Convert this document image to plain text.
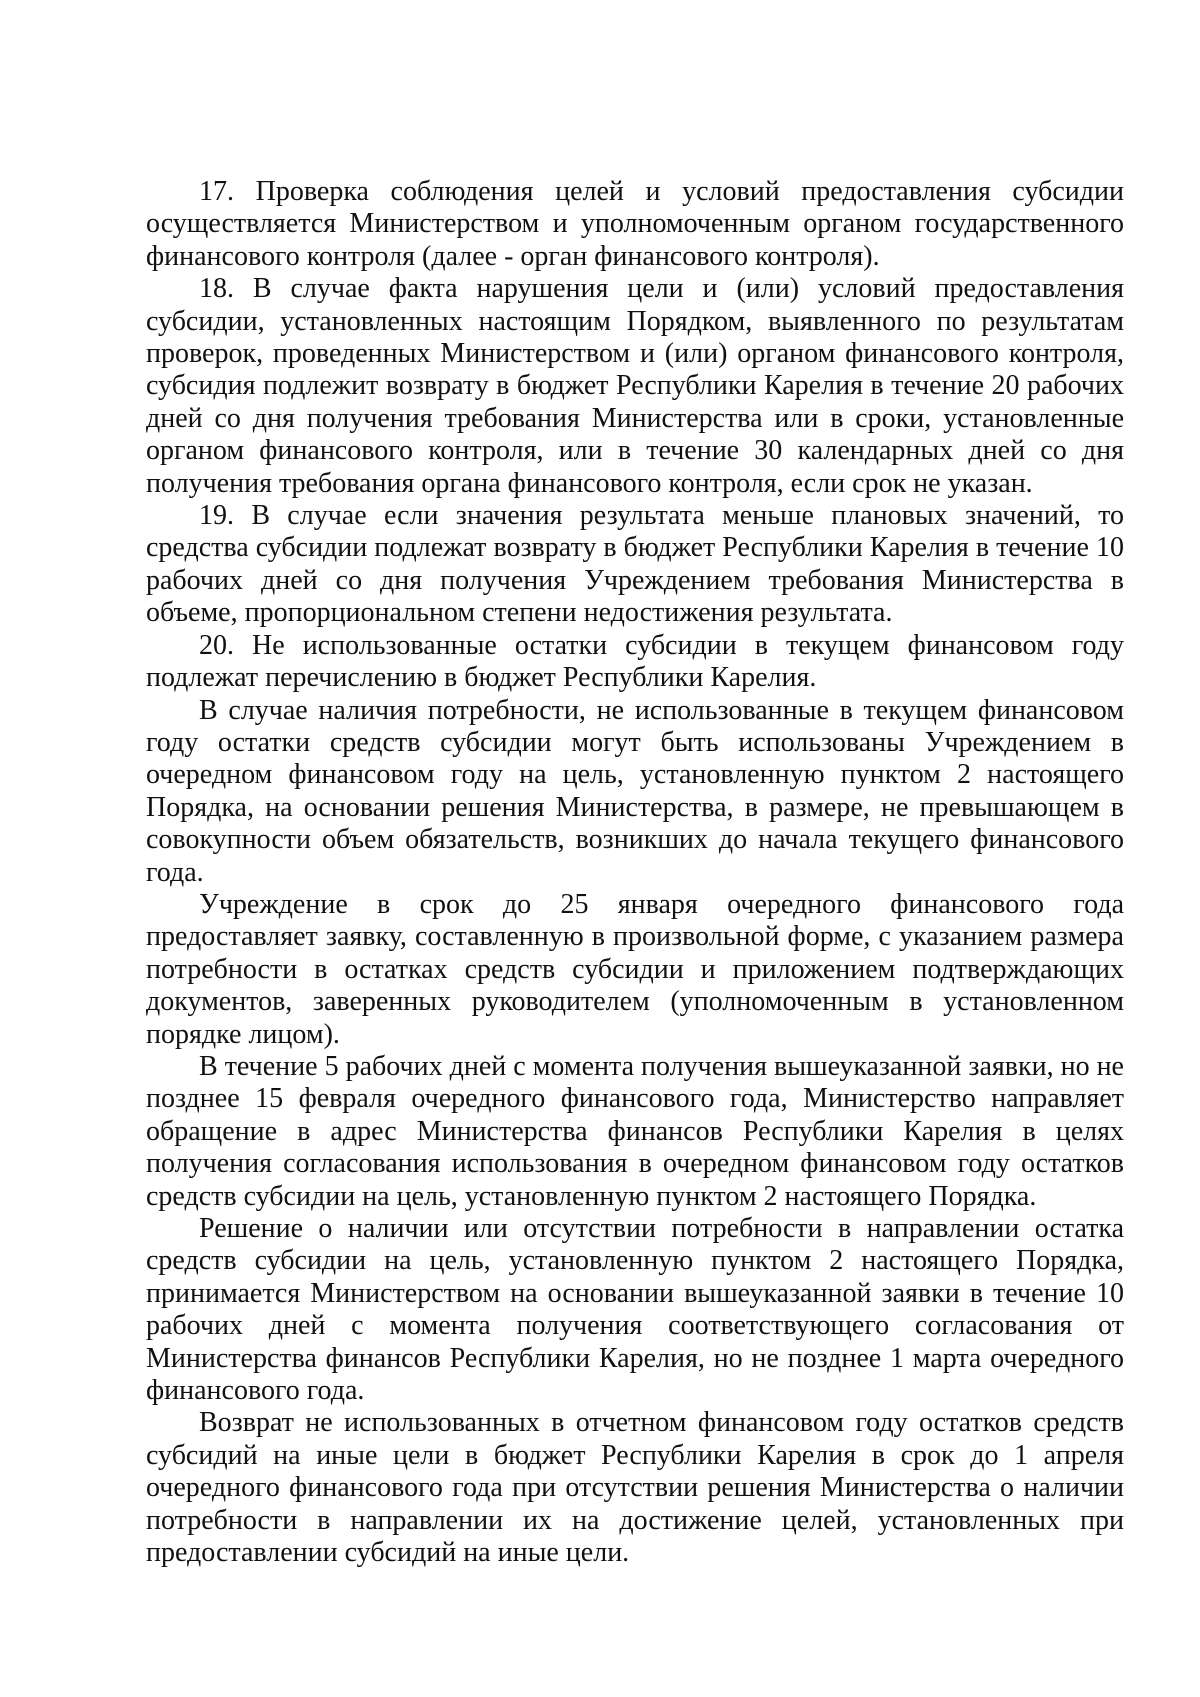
17. Проверка соблюдения целей и условий предоставления субсидии осуществляется Министерством и уполномоченным органом государственного финансового контроля (далее - орган финансового контроля).

18. В случае факта нарушения цели и (или) условий предоставления субсидии, установленных настоящим Порядком, выявленного по результатам проверок, проведенных Министерством и (или) органом финансового контроля, субсидия подлежит возврату в бюджет Республики Карелия в течение 20 рабочих дней со дня получения требования Министерства или в сроки, установленные органом финансового контроля, или в течение 30 календарных дней со дня получения требования органа финансового контроля, если срок не указан.

19. В случае если значения результата меньше плановых значений, то средства субсидии подлежат возврату в бюджет Республики Карелия в течение 10 рабочих дней со дня получения Учреждением требования Министерства в объеме, пропорциональном степени недостижения результата.

20. Не использованные остатки субсидии в текущем финансовом году подлежат перечислению в бюджет Республики Карелия.

В случае наличия потребности, не использованные в текущем финансовом году остатки средств субсидии могут быть использованы Учреждением в очередном финансовом году на цель, установленную пунктом 2 настоящего Порядка, на основании решения Министерства, в размере, не превышающем в совокупности объем обязательств, возникших до начала текущего финансового года.

Учреждение в срок до 25 января очередного финансового года предоставляет заявку, составленную в произвольной форме, с указанием размера потребности в остатках средств субсидии и приложением подтверждающих документов, заверенных руководителем (уполномоченным в установленном порядке лицом).

В течение 5 рабочих дней с момента получения вышеуказанной заявки, но не позднее 15 февраля очередного финансового года, Министерство направляет обращение в адрес Министерства финансов Республики Карелия в целях получения согласования использования в очередном финансовом году остатков средств субсидии на цель, установленную пунктом 2 настоящего Порядка.

Решение о наличии или отсутствии потребности в направлении остатка средств субсидии на цель, установленную пунктом 2 настоящего Порядка, принимается Министерством на основании вышеуказанной заявки в течение 10 рабочих дней с момента получения соответствующего согласования от Министерства финансов Республики Карелия, но не позднее 1 марта очередного финансового года.

Возврат не использованных в отчетном финансовом году остатков средств субсидий на иные цели в бюджет Республики Карелия в срок до 1 апреля очередного финансового года при отсутствии решения Министерства о наличии потребности в направлении их на достижение целей, установленных при предоставлении субсидий на иные цели.
